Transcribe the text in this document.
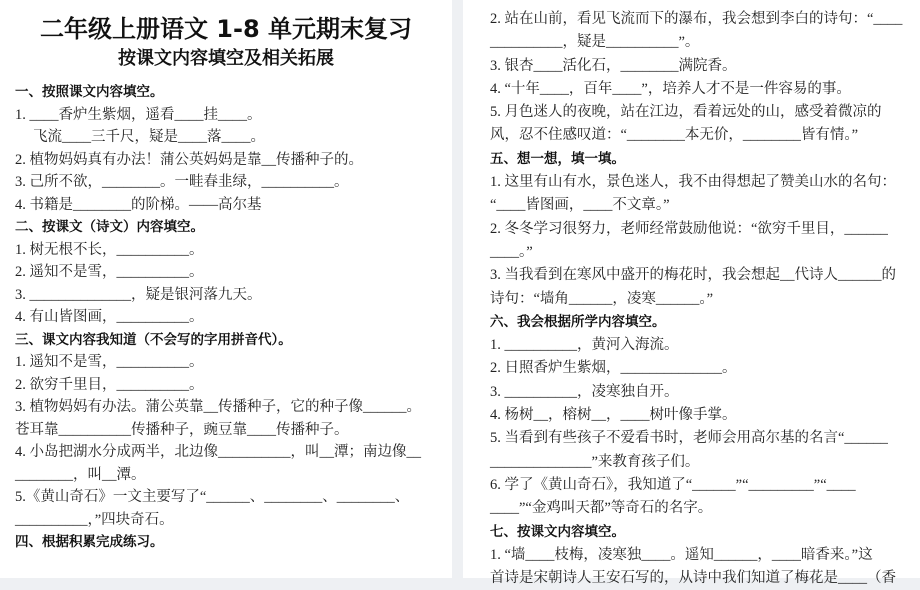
二年级上册语文 1-8 单元期末复习
按课文内容填空及相关拓展
一、按照课文内容填空。
1. ____香炉生紫烟，遥看____挂____。
飞流____三千尺，疑是____落____。
2. 植物妈妈真有办法！蒲公英妈妈是靠__传播种子的。
3. 己所不欲，________。一畦春韭绿，__________。
4. 书籍是________的阶梯。——高尔基
二、按课文（诗文）内容填空。
1. 树无根不长，__________。
2. 遥知不是雪，__________。
3. ______________，疑是银河落九天。
4. 有山皆图画，__________。
三、课文内容我知道（不会写的字用拼音代）。
1. 遥知不是雪，__________。
2. 欲穷千里目，__________。
3. 植物妈妈有办法。蒲公英靠__传播种子，它的种子像______。
苍耳靠__________传播种子，豌豆靠____传播种子。
4. 小岛把湖水分成两半，北边像__________，叫__潭；南边像__
________，叫__潭。
5.《黄山奇石》一文主要写了“______、________、________、
__________，”四块奇石。
四、根据积累完成练习。
2. 站在山前，看见飞流而下的瀑布，我会想到李白的诗句：“____
__________，疑是__________”。
3. 银杏____活化石，________满院香。
4. “十年____，百年____”，培养人才不是一件容易的事。
5. 月色迷人的夜晚，站在江边，看着远处的山，感受着微凉的
风，忍不住感叹道：“________本无价，________皆有情。”
五、想一想，填一填。
1. 这里有山有水，景色迷人，我不由得想起了赞美山水的名句：
“____皆图画，____不文章。”
2. 冬冬学习很努力，老师经常鼓励他说：“欲穷千里目，______
____。”
3. 当我看到在寒风中盛开的梅花时，我会想起__代诗人______的
诗句：“墙角______，凌寒______。”
六、我会根据所学内容填空。
1. __________，黄河入海流。
2. 日照香炉生紫烟，______________。
3. __________，凌寒独自开。
4. 杨树__，榕树__，____树叶像手掌。
5. 当看到有些孩子不爱看书时，老师会用高尔基的名言“______
______________”来教育孩子们。
6. 学了《黄山奇石》，我知道了“______”“_________”“____
____”“金鸡叫天都”等奇石的名字。
七、按课文内容填空。
1. “墙____枝梅，凌寒独____。遥知______，____暗香来。”这
首诗是宋朝诗人王安石写的，从诗中我们知道了梅花是____（香
